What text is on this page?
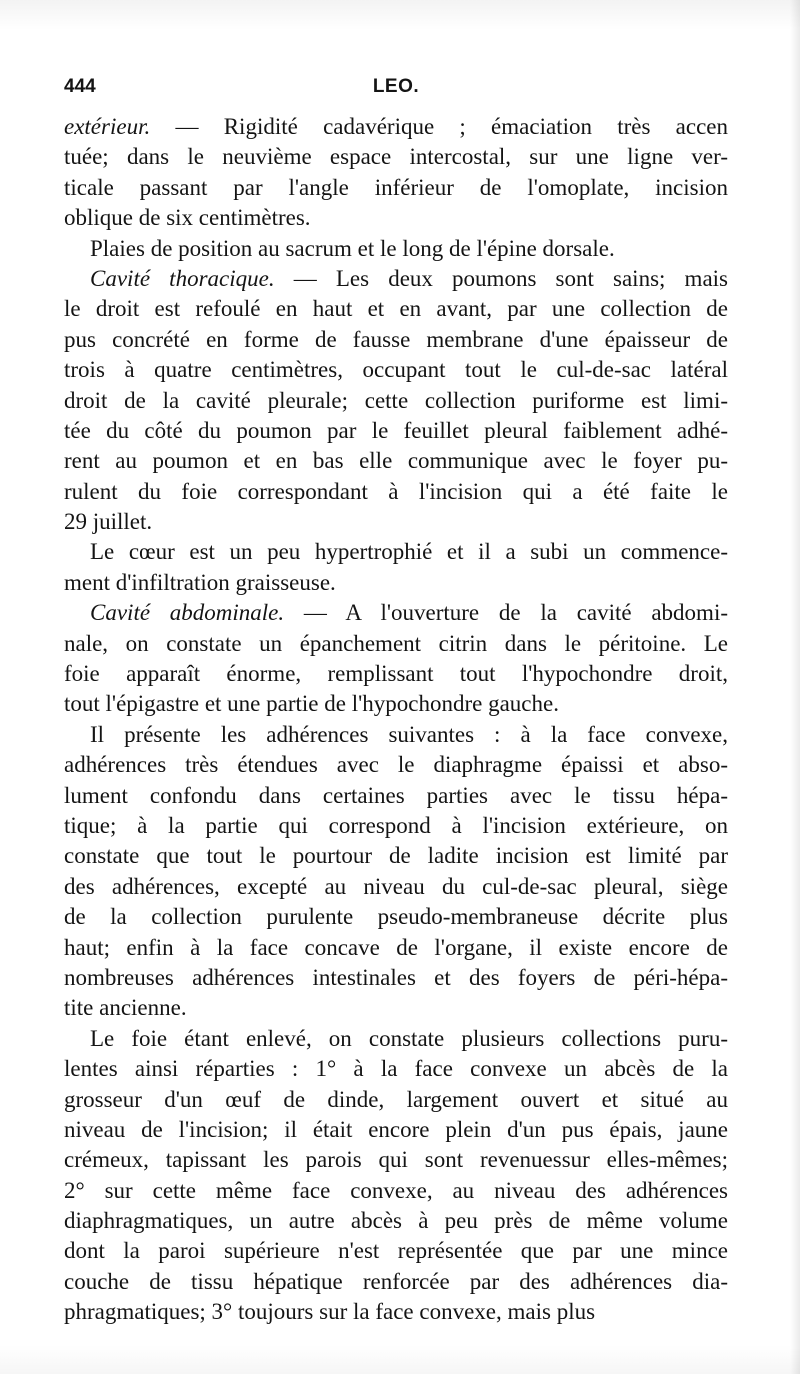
444	LEO.
extérieur. — Rigidité cadavérique ; émaciation très accen
tuée; dans le neuvième espace intercostal, sur une ligne ver-
ticale passant par l'angle inférieur de l'omoplate, incision
oblique de six centimètres.
Plaies de position au sacrum et le long de l'épine dorsale.
Cavité thoracique. — Les deux poumons sont sains; mais
le droit est refoulé en haut et en avant, par une collection de
pus concrété en forme de fausse membrane d'une épaisseur de
trois à quatre centimètres, occupant tout le cul-de-sac latéral
droit de la cavité pleurale; cette collection puriforme est limi-
tée du côté du poumon par le feuillet pleural faiblement adhé-
rent au poumon et en bas elle communique avec le foyer pu-
rulent du foie correspondant à l'incision qui a été faite le
29 juillet.
Le cœur est un peu hypertrophié et il a subi un commence-
ment d'infiltration graisseuse.
Cavité abdominale. — A l'ouverture de la cavité abdomi-
nale, on constate un épanchement citrin dans le péritoine. Le
foie apparaît énorme, remplissant tout l'hypochondre droit,
tout l'épigastre et une partie de l'hypochondre gauche.
Il présente les adhérences suivantes : à la face convexe,
adhérences très étendues avec le diaphragme épaissi et abso-
lument confondu dans certaines parties avec le tissu hépa-
tique; à la partie qui correspond à l'incision extérieure, on
constate que tout le pourtour de ladite incision est limité par
des adhérences, excepté au niveau du cul-de-sac pleural, siège
de la collection purulente pseudo-membraneuse décrite plus
haut; enfin à la face concave de l'organe, il existe encore de
nombreuses adhérences intestinales et des foyers de péri-hépa-
tite ancienne.
Le foie étant enlevé, on constate plusieurs collections puru-
lentes ainsi réparties : 1° à la face convexe un abcès de la
grosseur d'un œuf de dinde, largement ouvert et situé au
niveau de l'incision; il était encore plein d'un pus épais, jaune
crémeux, tapissant les parois qui sont revenuessur elles-mêmes;
2° sur cette même face convexe, au niveau des adhérences
diaphragmatiques, un autre abcès à peu près de même volume
dont la paroi supérieure n'est représentée que par une mince
couche de tissu hépatique renforcée par des adhérences dia-
phragmatiques; 3° toujours sur la face convexe, mais plus
